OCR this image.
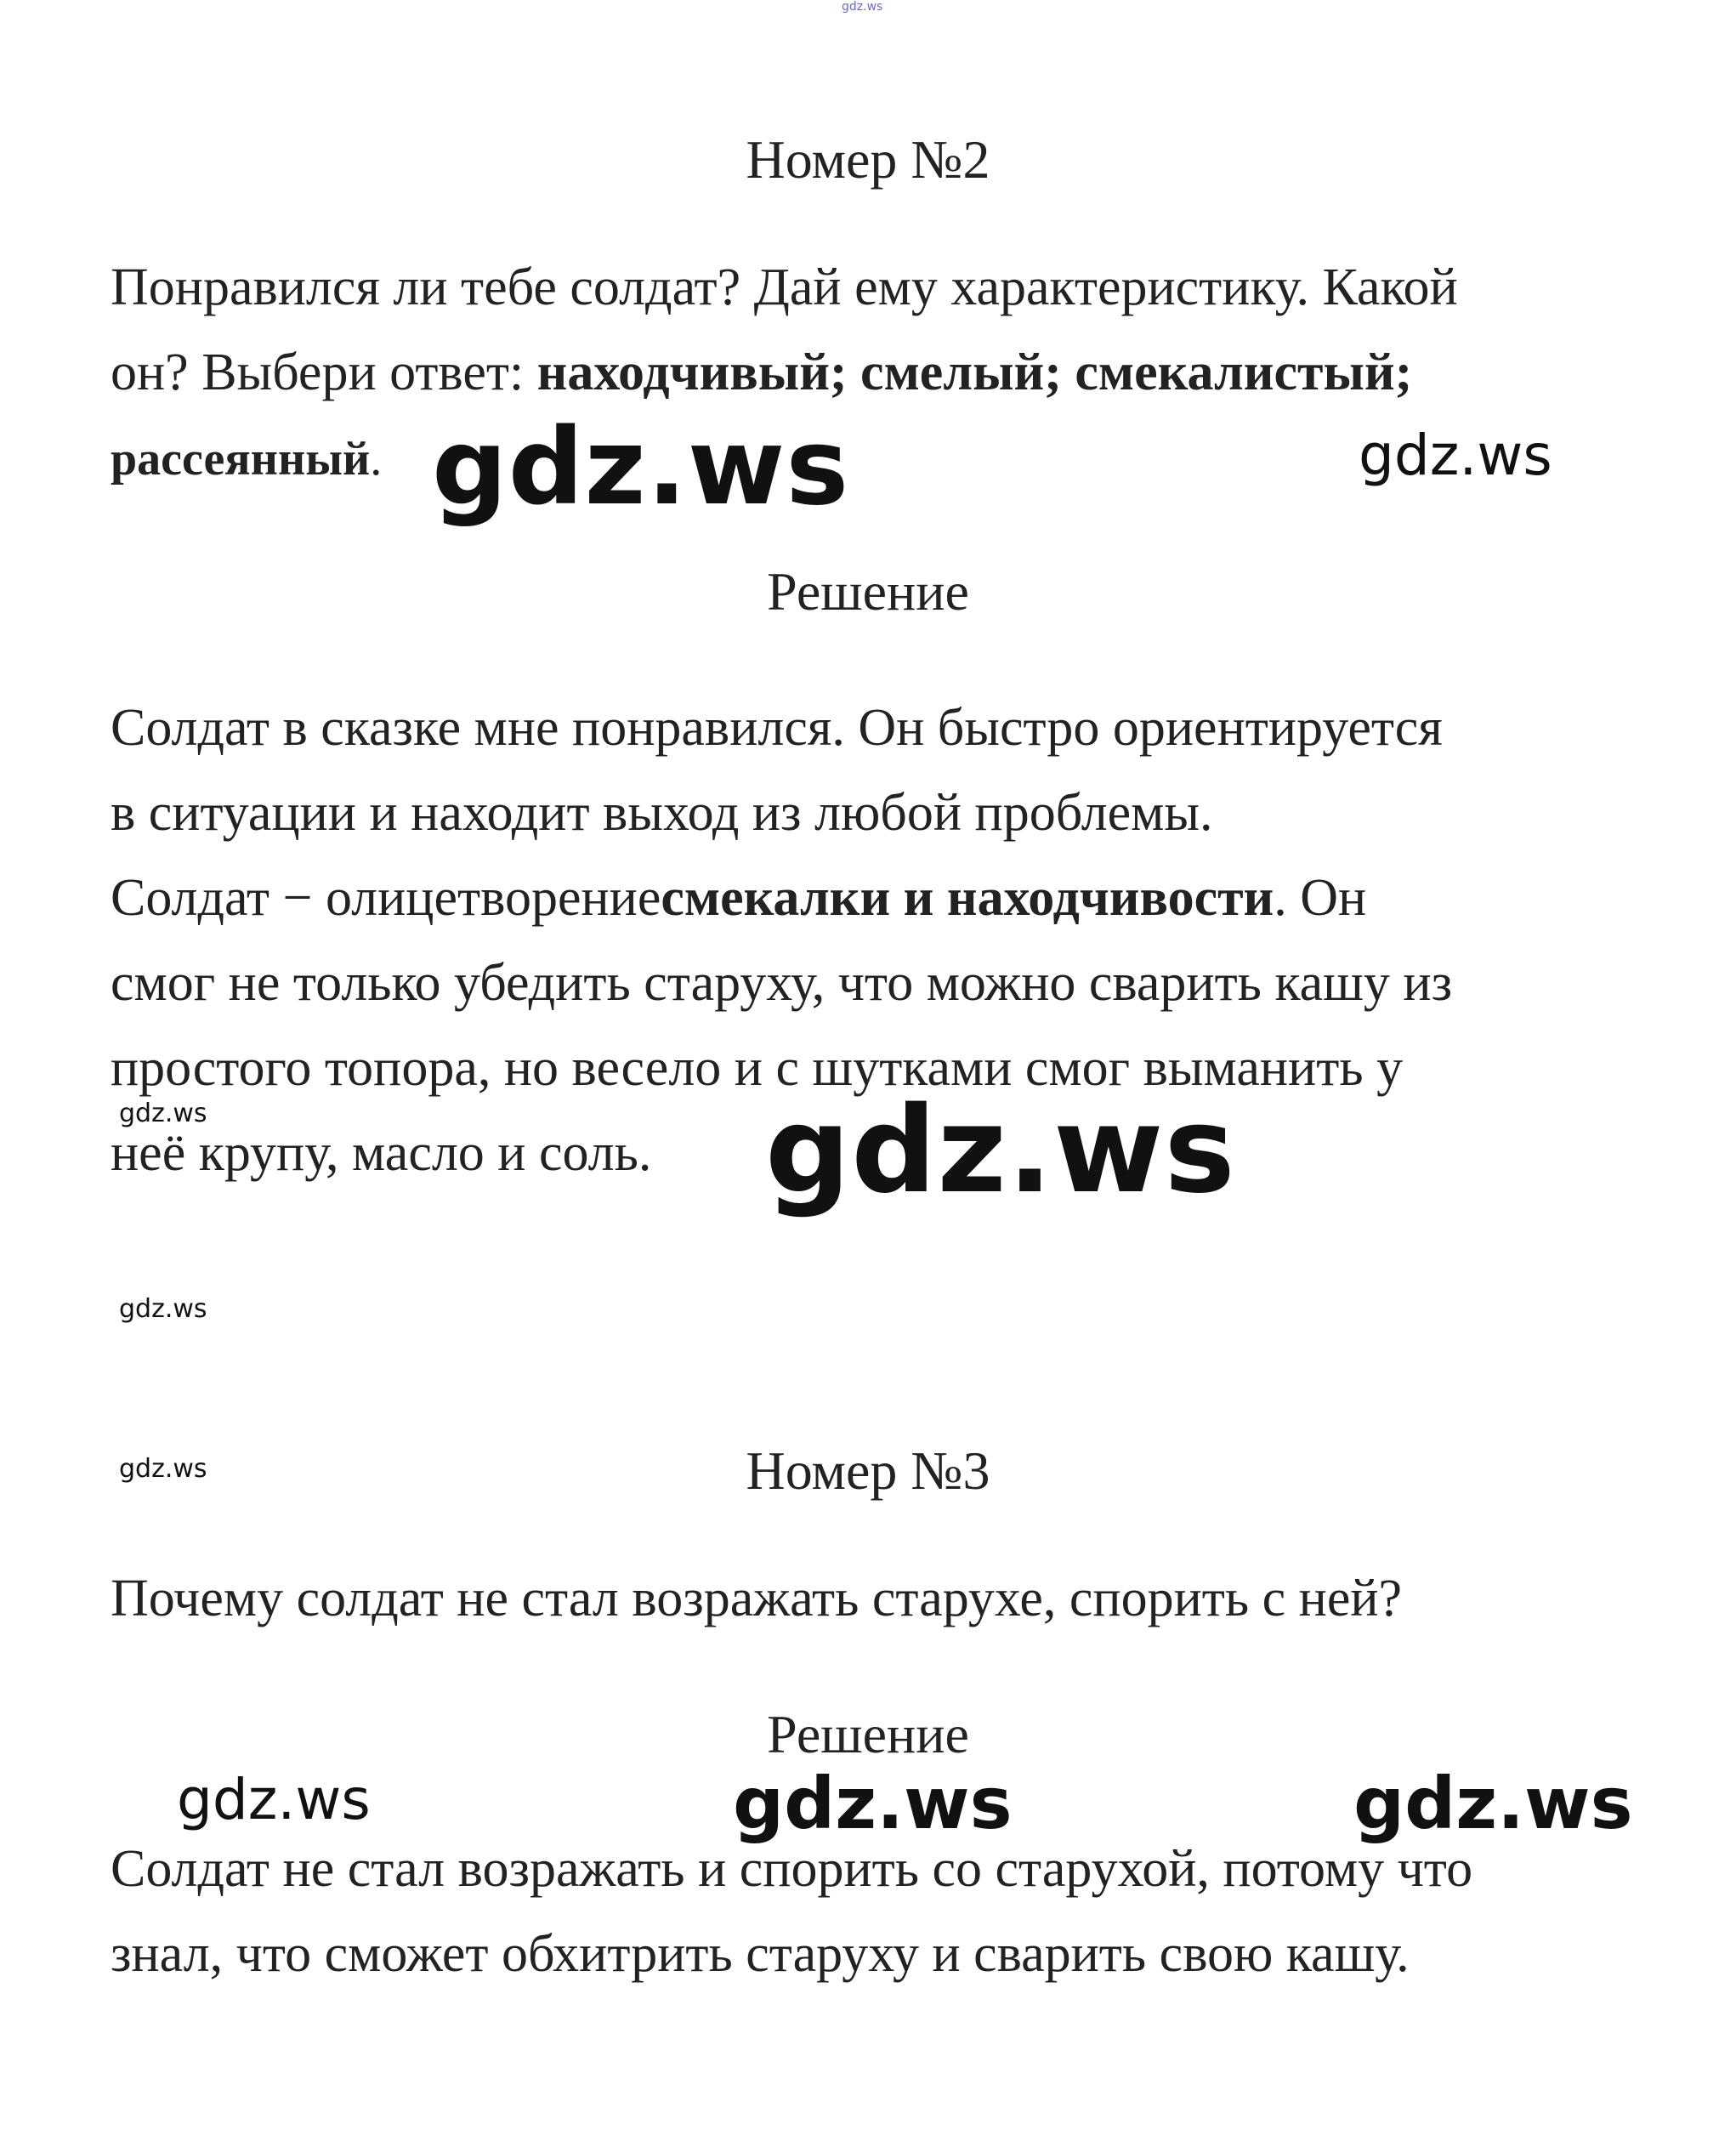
gdz.ws
Номер №2
Понравился ли тебе солдат? Дай ему характеристику. Какой
он? Выбери ответ: находчивый; смелый; смекалистый;
рассеянный. gdz.ws	gdz.ws
Решение
Солдат в сказке мне понравился. Он быстро ориентируется
в ситуации и находит выход из любой проблемы.
Солдат − олицетворениесмекалки и находчивости. Он
смог не только убедить старуху, что можно сварить кашу из
простого топора, но весело и с шутками смог выманить у
неё крупу, масло и соль.
gdz.ws	gdz.ws
gdz.ws
gdz.ws	Номер №3
Почему солдат не стал возражать старухе, спорить с ней?
Решение
gdz.ws	gdz.ws	gdz.ws
Солдат не стал возражать и спорить со старухой, потому что
знал, что сможет обхитрить старуху и сварить свою кашу.
